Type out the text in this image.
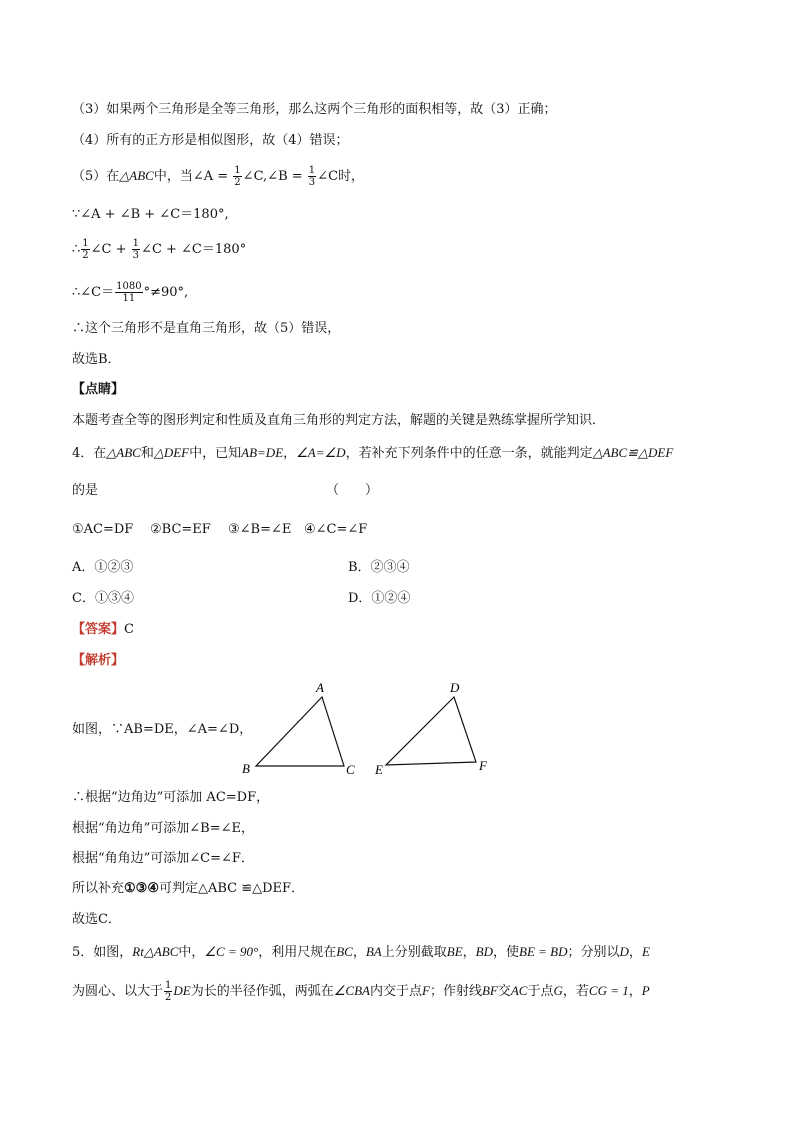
（3）如果两个三角形是全等三角形，那么这两个三角形的面积相等，故（3）正确；
（4）所有的正方形是相似图形，故（4）错误；
（5）在△ABC中，当∠A = $\frac{1}{2}$ ∠C,∠B = $\frac{1}{3}$ ∠C时，
∵∠A + ∠B + ∠C＝180°,
∴ $\frac{1}{2}$ ∠C + $\frac{1}{3}$ ∠C + ∠C＝180°
∴∠C＝ $\frac{1080}{11} ^\circ\ne 90^\circ$,
∴这个三角形不是直角三角形，故（5）错误，
故选B．
【点睛】
本题考查全等的图形判定和性质及直角三角形的判定方法，解题的关键是熟练掌握所学知识．
4．在△ABC和△DEF中，已知AB=DE，∠A=∠D，若补充下列条件中的任意一条，就能判定△ABC≌△DEF
的是	（　　）
①AC=DF ②BC=EF ③∠B=∠E ④∠C=∠F
A．①②③	B．②③④
C．①③④	D．①②④
【答案】C
【解析】
A
B	C
D
E	F
如图，∵AB=DE，∠A=∠D，
∴根据“边角边”可添加 AC=DF，
根据“角边角”可添加∠B=∠E，
根据“角角边”可添加∠C=∠F．
所以补充①③④可判定△ABC ≌△DEF．
故选C．
5．如图，Rt△ABC中，∠C = 90°，利用尺规在BC，BA上分别截取BE，BD，使BE = BD；分别以D，E
为圆心、以大于 $\frac{1}{2}$ DE为长的半径作弧，两弧在∠CBA内交于点F；作射线BF交AC于点G，若CG = 1，P
